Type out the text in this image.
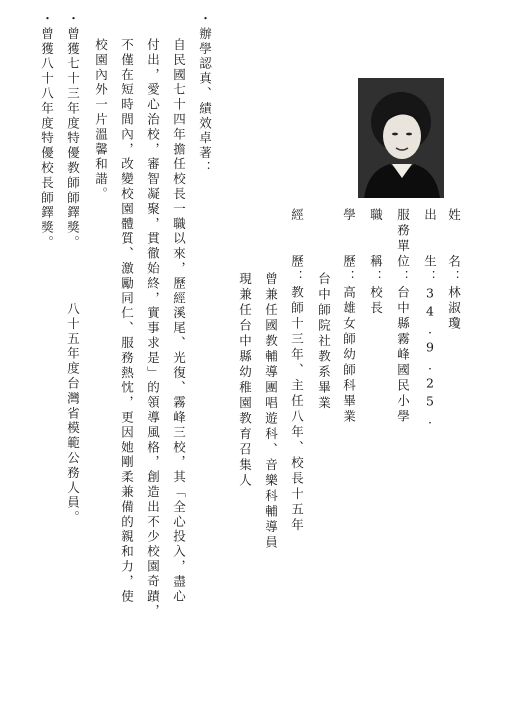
姓　　名：林淑瓊
出　　生：34.9.25.
服務單位：台中縣霧峰國民小學
職　　稱：校長
學　　歷：高雄女師幼師科畢業
台中師院社教系畢業
經　　歷：教師十三年、主任八年、校長十五年
曾兼任國教輔導團唱遊科、音樂科輔導員
現兼任台中縣幼稚園教育召集人
・辦學認真、績效卓著：
自民國七十四年擔任校長一職以來，歷經溪尾、光復、霧峰三校，其「全心投入，盡心
付出，愛心治校，審智凝聚，貫徹始終，實事求是」的領導風格，創造出不少校園奇蹟，
不僅在短時間內，改變校園體質、激勵同仁、服務熱忱，更因她剛柔兼備的親和力，使
校園內外一片溫馨和諧。
・曾獲七十三年度特優教師師鐸獎。
八十五年度台灣省模範公務人員。
・曾獲八十八年度特優校長師鐸獎。
